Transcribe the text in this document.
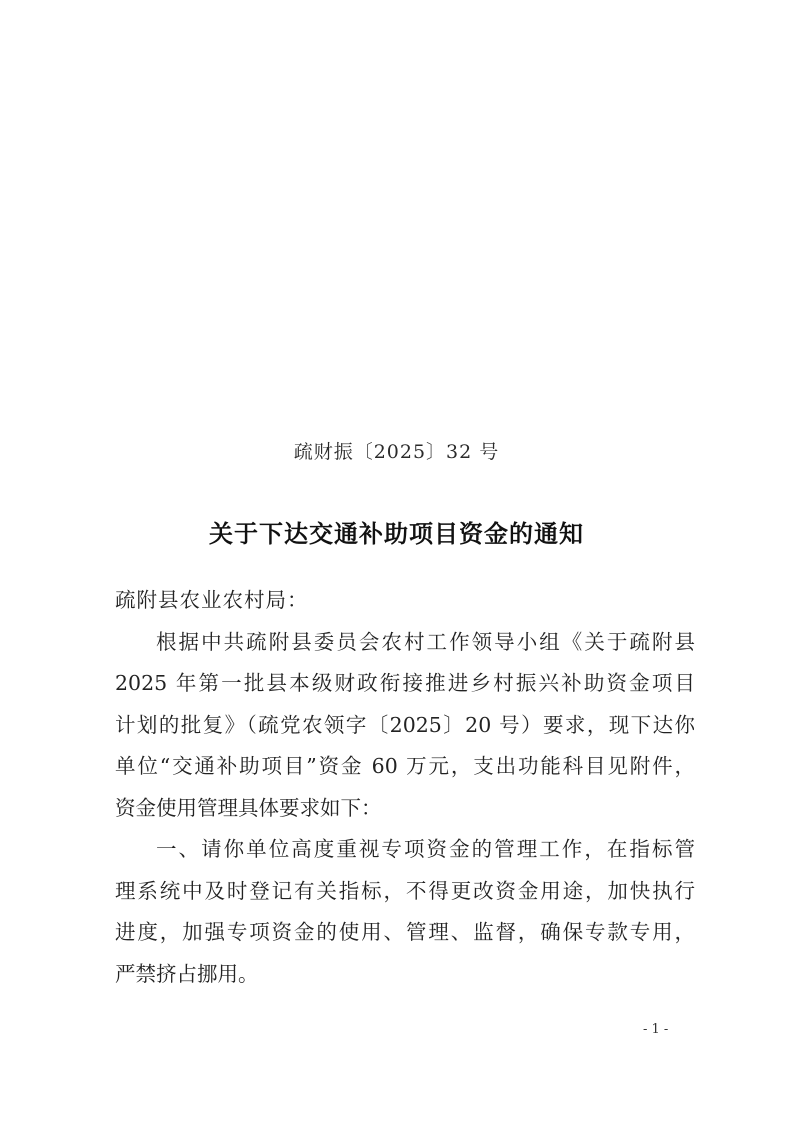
疏财振〔2025〕32 号
关于下达交通补助项目资金的通知

疏附县农业农村局：

根据中共疏附县委员会农村工作领导小组《关于疏附县
2025 年第一批县本级财政衔接推进乡村振兴补助资金项目
计划的批复》（疏党农领字〔2025〕20 号）要求，现下达你
单位“交通补助项目”资金 60 万元，支出功能科目见附件，
资金使用管理具体要求如下：

一、请你单位高度重视专项资金的管理工作，在指标管
理系统中及时登记有关指标，不得更改资金用途，加快执行
进度，加强专项资金的使用、管理、监督，确保专款专用，
严禁挤占挪用。

- 1 -
